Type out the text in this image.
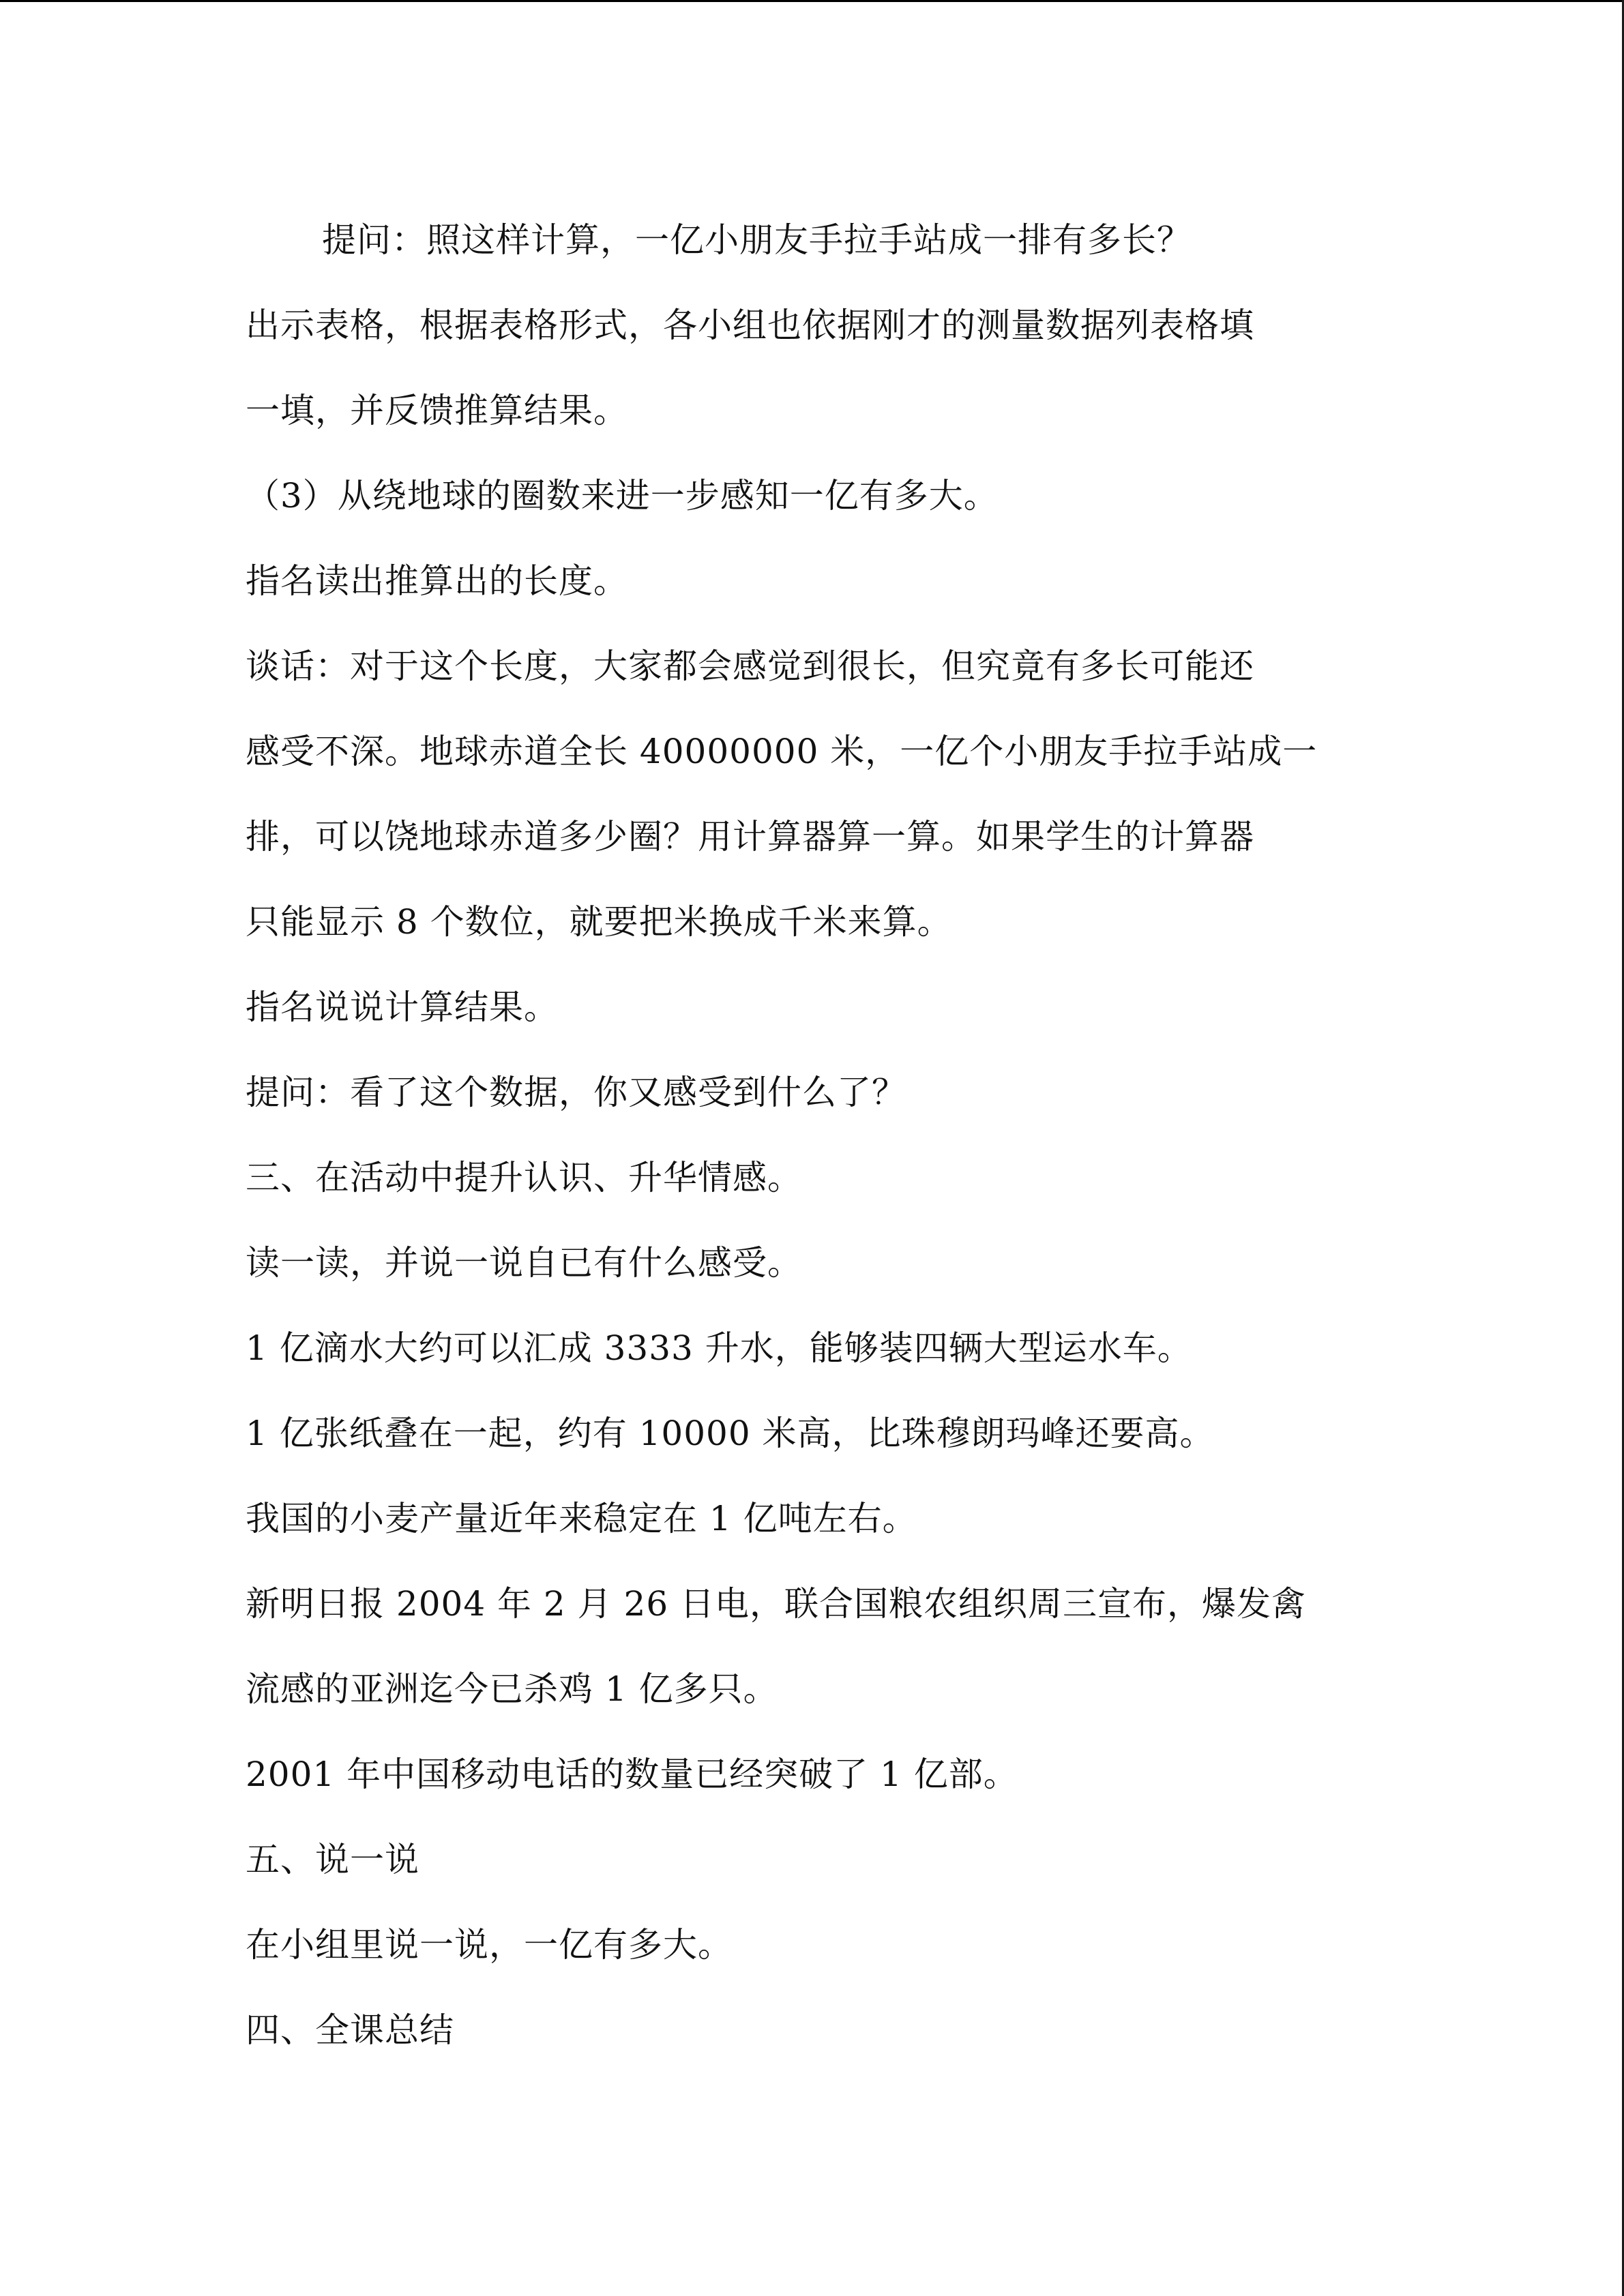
提问：照这样计算，一亿小朋友手拉手站成一排有多长？

出示表格，根据表格形式，各小组也依据刚才的测量数据列表格填

一填，并反馈推算结果。

（3）从绕地球的圈数来进一步感知一亿有多大。

指名读出推算出的长度。

谈话：对于这个长度，大家都会感觉到很长，但究竟有多长可能还

感受不深。地球赤道全长 40000000 米，一亿个小朋友手拉手站成一

排，可以饶地球赤道多少圈？用计算器算一算。如果学生的计算器

只能显示 8 个数位，就要把米换成千米来算。

指名说说计算结果。

提问：看了这个数据，你又感受到什么了？

三、在活动中提升认识、升华情感。

读一读，并说一说自已有什么感受。

1 亿滴水大约可以汇成 3333 升水，能够装四辆大型运水车。

1 亿张纸叠在一起，约有 10000 米高，比珠穆朗玛峰还要高。

我国的小麦产量近年来稳定在 1 亿吨左右。

新明日报 2004 年 2 月 26 日电，联合国粮农组织周三宣布，爆发禽

流感的亚洲迄今已杀鸡 1 亿多只。

2001 年中国移动电话的数量已经突破了 1 亿部。

五、说一说

在小组里说一说，一亿有多大。

四、全课总结
